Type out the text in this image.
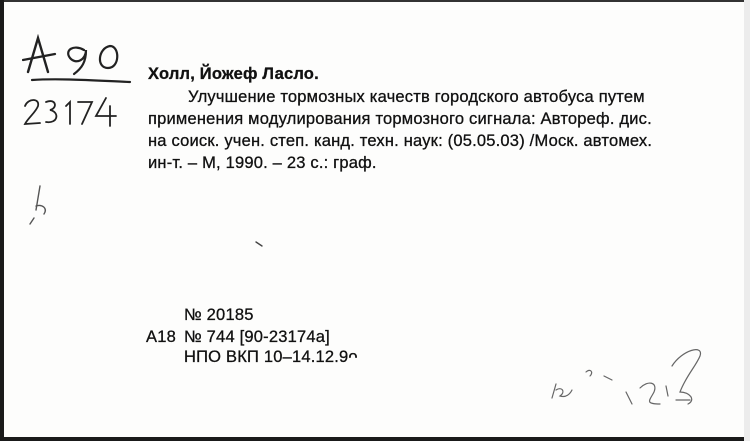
Холл, Йожеф Ласло.
Улучшение тормозных качеств городского автобуса путем
применения модулирования тормозного сигнала: Автореф. дис.
на соиск. учен. степ. канд. техн. наук: (05.05.03) /Моск. автомех.
ин-т. – М, 1990. – 23 с.: граф.
№ 20185
А18 № 744 [90-23174а]
НПО ВКП 10–14.12.9ᴖ
